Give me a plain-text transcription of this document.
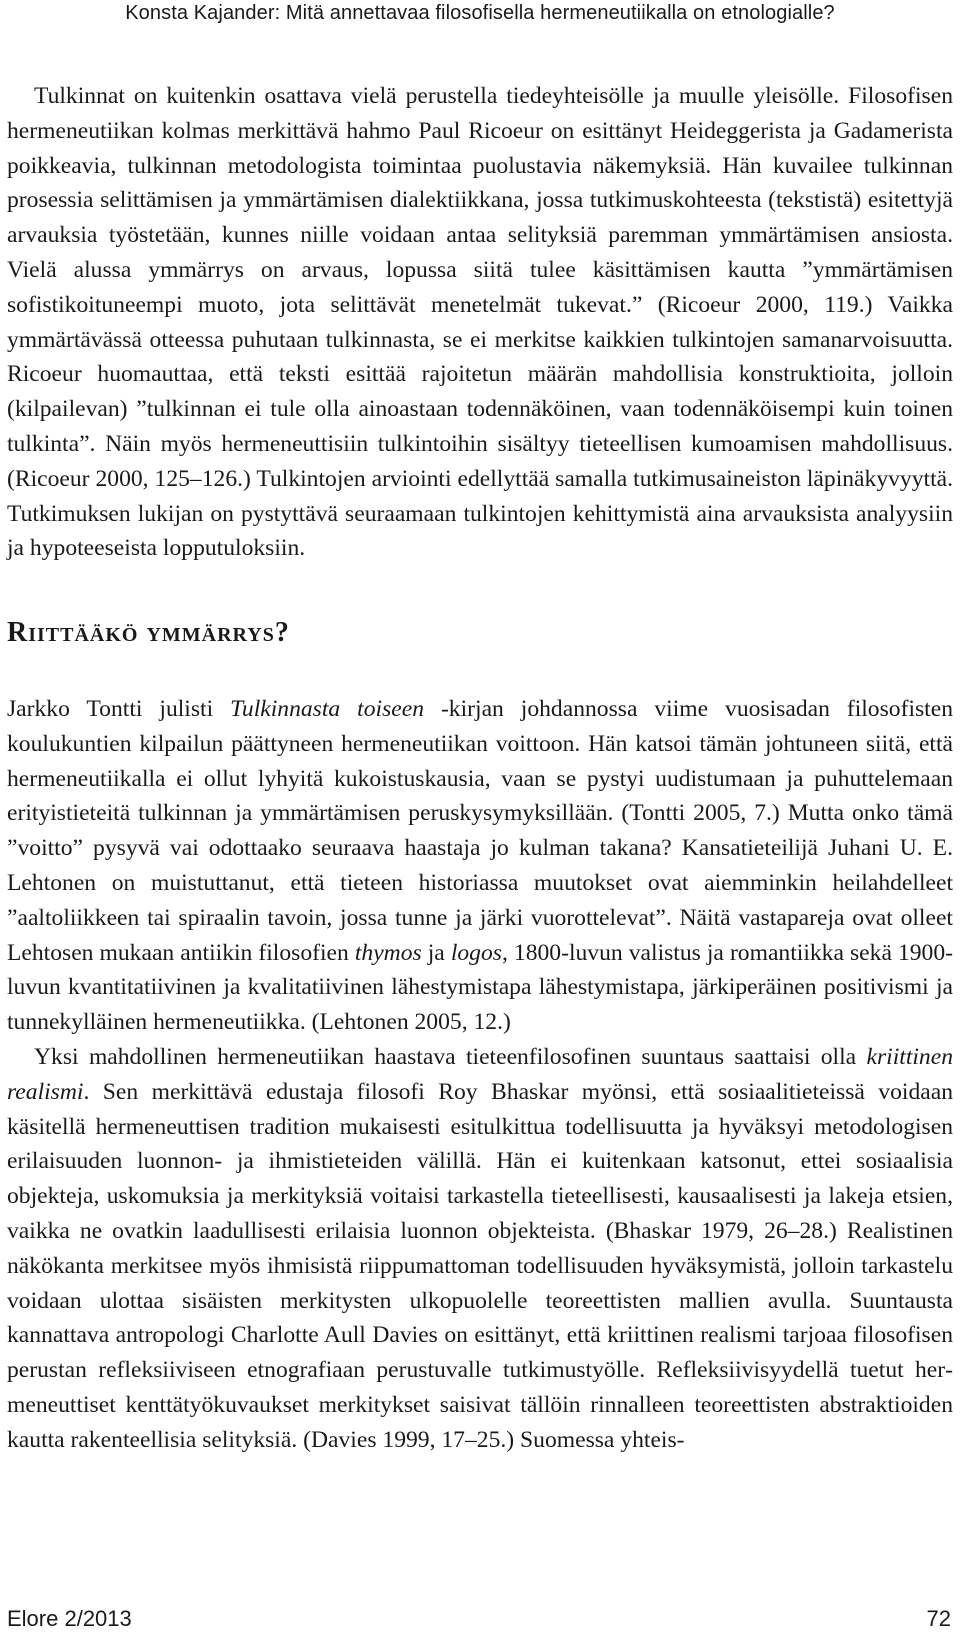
Konsta Kajander: Mitä annettavaa filosofisella hermeneutiikalla on etnologialle?

Tulkinnat on kuitenkin osattava vielä perustella tiedeyhteisölle ja muulle yleisölle. Filosofisen hermeneutiikan kolmas merkittävä hahmo Paul Ricoeur on esittänyt Heideggerista ja Gadamerista poikkeavia, tulkinnan metodologista toimintaa puolustavia näkemyksiä. Hän kuvailee tulkinnan prosessia selittämisen ja ymmärtämisen dialektiikkana, jossa tutkimuskohteesta (tekstistä) esitettyjä arvauksia työstetään, kunnes niille voidaan antaa selityksiä paremman ymmärtämisen ansiosta. Vielä alussa ymmärrys on arvaus, lopussa siitä tulee käsittämisen kautta ”ymmärtämisen sofistikoituneempi muoto, jota selittävät menetelmät tukevat.” (Ricoeur 2000, 119.) Vaikka ymmärtävässä otteessa puhutaan tulkinnasta, se ei merkitse kaikkien tulkintojen samanarvoisuutta. Ricoeur huomauttaa, että teksti esittää rajoitetun määrän mahdollisia konstruktioita, jolloin (kilpailevan) ”tulkinnan ei tule olla ainoastaan todennäköinen, vaan todennäköisempi kuin toinen tulkinta”. Näin myös hermeneuttisiin tulkintoihin sisältyy tieteellisen kumoamisen mahdollisuus. (Ricoeur 2000, 125–126.) Tulkintojen arviointi edellyttää samalla tutkimusaineiston läpinäkyvyyttä. Tutkimuksen lukijan on pystyttävä seuraamaan tulkintojen kehittymistä aina arvauksista analyysiin ja hypoteeseista lopputuloksiin.

Riittääkö ymmärrys?

Jarkko Tontti julisti Tulkinnasta toiseen -kirjan johdannossa viime vuosisadan filosofisten koulukuntien kilpailun päättyneen hermeneutiikan voittoon. Hän katsoi tämän johtuneen siitä, että hermeneutiikalla ei ollut lyhyitä kukoistuskausia, vaan se pystyi uudistumaan ja puhuttelemaan erityistieteitä tulkinnan ja ymmärtämisen peruskysymyksillään. (Tontti 2005, 7.) Mutta onko tämä ”voitto” pysyvä vai odottaako seuraava haastaja jo kulman takana? Kansatieteilijä Juhani U. E. Lehtonen on muistuttanut, että tieteen historiassa muutokset ovat aiemminkin heilahdelleet ”aaltoliikkeen tai spiraalin tavoin, jossa tunne ja järki vuorottelevat”. Näitä vastapareja ovat olleet Lehtosen mukaan antiikin filosofien thymos ja logos, 1800-luvun valistus ja romantiikka sekä 1900-luvun kvantitatiivinen ja kvalitatiivinen lähestymistapa lähestymistapa, järkiperäinen positivismi ja tunnekylläinen hermeneutiikka. (Lehtonen 2005, 12.)

Yksi mahdollinen hermeneutiikan haastava tieteenfilosofinen suuntaus saattaisi olla kriittinen realismi. Sen merkittävä edustaja filosofi Roy Bhaskar myönsi, että sosiaalitieteissä voidaan käsitellä hermeneuttisen tradition mukaisesti esitulkittua todellisuutta ja hyväksyi metodologisen erilaisuuden luonnon- ja ihmistieteiden välillä. Hän ei kuitenkaan katsonut, ettei sosiaalisia objekteja, uskomuksia ja merkityksiä voitaisi tarkastella tieteellisesti, kausaalisesti ja lakeja etsien, vaikka ne ovatkin laadullisesti erilaisia luonnon objekteista. (Bhaskar 1979, 26–28.) Realistinen näkökanta merkitsee myös ihmisistä riippumattoman todellisuuden hyväksymistä, jolloin tarkastelu voidaan ulottaa sisäisten merkitysten ulkopuolelle teoreettisten mallien avulla. Suuntausta kannattava antropologi Charlotte Aull Davies on esittänyt, että kriittinen realismi tarjoaa filosofisen perustan refleksiiviseen etnografiaan perustuvalle tutkimustyölle. Refleksiivisyydellä tuetut hermeneuttiset kenttätyökuvaukset merkitykset saisivat tällöin rinnalleen teoreettisten abstraktioiden kautta rakenteellisia selityksiä. (Davies 1999, 17–25.) Suomessa yhteis-

Elore 2/2013	72
